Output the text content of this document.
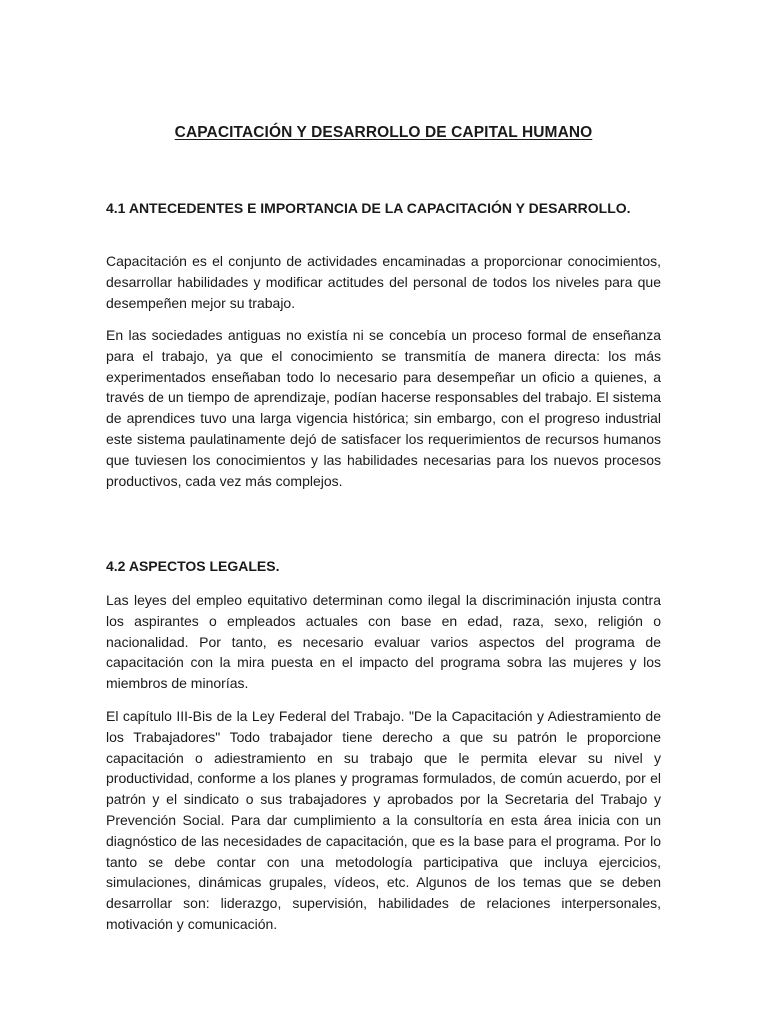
CAPACITACIÓN Y DESARROLLO DE CAPITAL HUMANO
4.1 ANTECEDENTES E IMPORTANCIA DE LA CAPACITACIÓN Y DESARROLLO.

Capacitación es el conjunto de actividades encaminadas a proporcionar conocimientos, desarrollar habilidades y modificar actitudes del personal de todos los niveles para que desempeñen mejor su trabajo.

En las sociedades antiguas no existía ni se concebía un proceso formal de enseñanza para el trabajo, ya que el conocimiento se transmitía de manera directa: los más experimentados enseñaban todo lo necesario para desempeñar un oficio a quienes, a través de un tiempo de aprendizaje, podían hacerse responsables del trabajo. El sistema de aprendices tuvo una larga vigencia histórica; sin embargo, con el progreso industrial este sistema paulatinamente dejó de satisfacer los requerimientos de recursos humanos que tuviesen los conocimientos y las habilidades necesarias para los nuevos procesos productivos, cada vez más complejos.

4.2 ASPECTOS LEGALES.

Las leyes del empleo equitativo determinan como ilegal la discriminación injusta contra los aspirantes o empleados actuales con base en edad, raza, sexo, religión o nacionalidad. Por tanto, es necesario evaluar varios aspectos del programa de capacitación con la mira puesta en el impacto del programa sobra las mujeres y los miembros de minorías.

El capítulo III-Bis de la Ley Federal del Trabajo. "De la Capacitación y Adiestramiento de los Trabajadores" Todo trabajador tiene derecho a que su patrón le proporcione capacitación o adiestramiento en su trabajo que le permita elevar su nivel y productividad, conforme a los planes y programas formulados, de común acuerdo, por el patrón y el sindicato o sus trabajadores y aprobados por la Secretaria del Trabajo y Prevención Social. Para dar cumplimiento a la consultoría en esta área inicia con un diagnóstico de las necesidades de capacitación, que es la base para el programa. Por lo tanto se debe contar con una metodología participativa que incluya ejercicios, simulaciones, dinámicas grupales, vídeos, etc. Algunos de los temas que se deben desarrollar son: liderazgo, supervisión, habilidades de relaciones interpersonales, motivación y comunicación.
